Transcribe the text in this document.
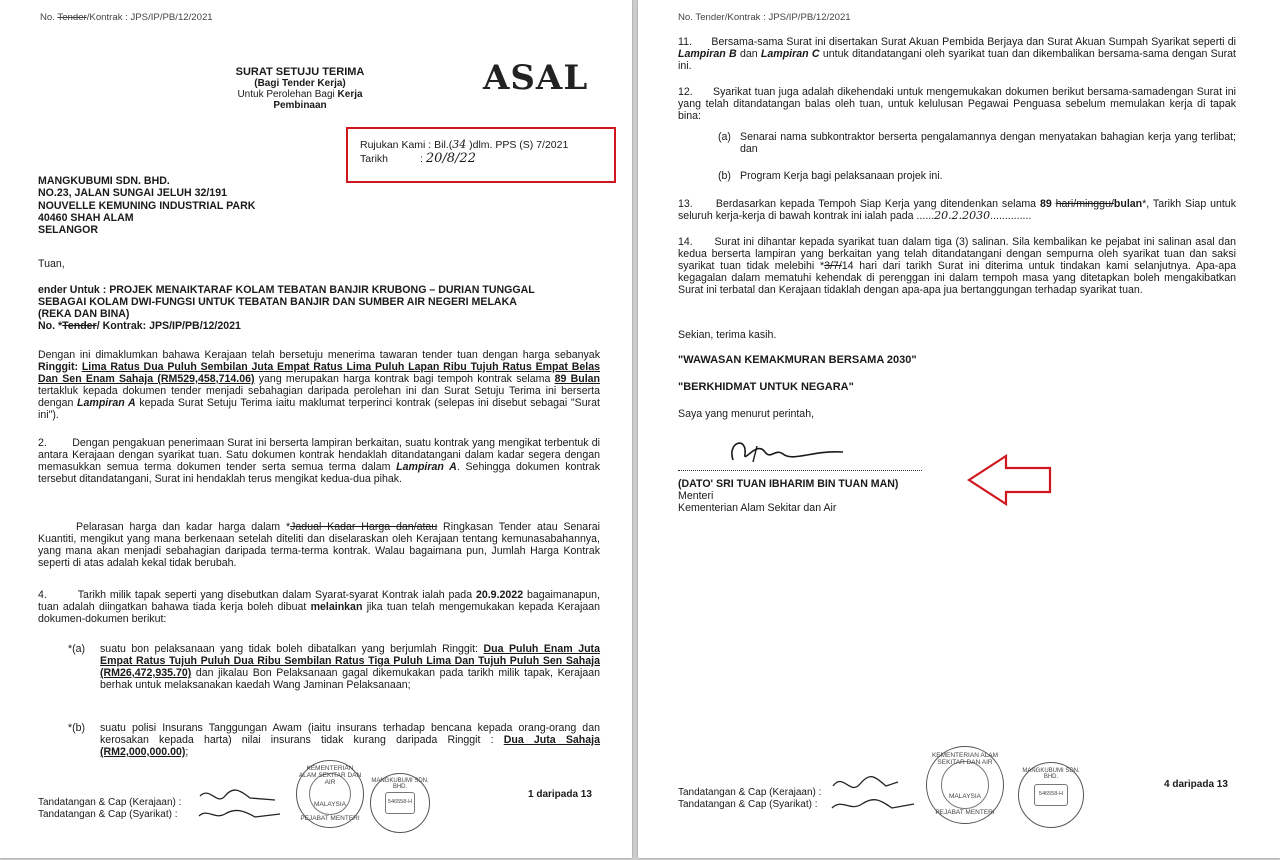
No. Tender/Kontrak : JPS/IP/PB/12/2021
SURAT SETUJU TERIMA
(Bagi Tender Kerja)
Untuk Perolehan Bagi Kerja
Pembinaan
ASAL
Rujukan Kami : Bil.(34 )dlm. PPS (S) 7/2021
Tarikh	: 20/8/22
MANGKUBUMI SDN. BHD.
NO.23, JALAN SUNGAI JELUH 32/191
NOUVELLE KEMUNING INDUSTRIAL PARK
40460 SHAH ALAM
SELANGOR
Tuan,
ender Untuk : PROJEK MENAIKTARAF KOLAM TEBATAN BANJIR KRUBONG – DURIAN TUNGGAL
SEBAGAI KOLAM DWI-FUNGSI UNTUK TEBATAN BANJIR DAN SUMBER AIR NEGERI MELAKA
(REKA DAN BINA)
No. *Tender/ Kontrak: JPS/IP/PB/12/2021

Dengan ini dimaklumkan bahawa Kerajaan telah bersetuju menerima tawaran tender tuan dengan harga sebanyak Ringgit: Lima Ratus Dua Puluh Sembilan Juta Empat Ratus Lima Puluh Lapan Ribu Tujuh Ratus Empat Belas Dan Sen Enam Sahaja (RM529,458,714.06) yang merupakan harga kontrak bagi tempoh kontrak selama 89 Bulan tertakluk kepada dokumen tender menjadi sebahagian daripada perolehan ini dan Surat Setuju Terima ini berserta dengan Lampiran A kepada Surat Setuju Terima iaitu maklumat terperinci kontrak (selepas ini disebut sebagai "Surat ini").

2. Dengan pengakuan penerimaan Surat ini berserta lampiran berkaitan, suatu kontrak yang mengikat terbentuk di antara Kerajaan dengan syarikat tuan. Satu dokumen kontrak hendaklah ditandatangani dalam kadar segera dengan memasukkan semua terma dokumen tender serta semua terma dalam Lampiran A. Sehingga dokumen kontrak tersebut ditandatangani, Surat ini hendaklah terus mengikat kedua-dua pihak.

Pelarasan harga dan kadar harga dalam *Jadual Kadar Harga dan/atau Ringkasan Tender atau Senarai Kuantiti, mengikut yang mana berkenaan setelah diteliti dan diselaraskan oleh Kerajaan tentang kemunasabahannya, yang mana akan menjadi sebahagian daripada terma-terma kontrak. Walau bagaimana pun, Jumlah Harga Kontrak seperti di atas adalah kekal tidak berubah.

4.	Tarikh milik tapak seperti yang disebutkan dalam Syarat-syarat Kontrak ialah pada 20.9.2022 bagaimanapun, tuan adalah diingatkan bahawa tiada kerja boleh dibuat melainkan jika tuan telah mengemukakan kepada Kerajaan dokumen-dokumen berikut:

*(a) suatu bon pelaksanaan yang tidak boleh dibatalkan yang berjumlah Ringgit: Dua Puluh Enam Juta Empat Ratus Tujuh Puluh Dua Ribu Sembilan Ratus Tiga Puluh Lima Dan Tujuh Puluh Sen Sahaja (RM26,472,935.70) dan jikalau Bon Pelaksanaan gagal dikemukakan pada tarikh milik tapak, Kerajaan berhak untuk melaksanakan kaedah Wang Jaminan Pelaksanaan;

*(b) suatu polisi Insurans Tanggungan Awam (iaitu insurans terhadap bencana kepada orang-orang dan kerosakan kepada harta) nilai insurans tidak kurang daripada Ringgit : Dua Juta Sahaja (RM2,000,000.00);

Tandatangan & Cap (Kerajaan) :
Tandatangan & Cap (Syarikat) :
KEMENTERIAN ALAM SEKITAR DAN AIR
MALAYSIA
PEJABAT MENTERI
MANGKUBUMI SDN. BHD.
546558-H
1 daripada 13
No. Tender/Kontrak : JPS/IP/PB/12/2021

11. Bersama-sama Surat ini disertakan Surat Akuan Pembida Berjaya dan Surat Akuan Sumpah Syarikat seperti di Lampiran B dan Lampiran C untuk ditandatangani oleh syarikat tuan dan dikembalikan bersama-sama dengan Surat ini.

12. Syarikat tuan juga adalah dikehendaki untuk mengemukakan dokumen berikut bersama-samadengan Surat ini yang telah ditandatangan balas oleh tuan, untuk kelulusan Pegawai Penguasa sebelum memulakan kerja di tapak bina:

(a) Senarai nama subkontraktor berserta pengalamannya dengan menyatakan bahagian kerja yang terlibat; dan

(b) Program Kerja bagi pelaksanaan projek ini.

13. Berdasarkan kepada Tempoh Siap Kerja yang ditendenkan selama 89 hari/minggu/bulan*, Tarikh Siap untuk seluruh kerja-kerja di bawah kontrak ini ialah pada ......20.2.2030..............

14. Surat ini dihantar kepada syarikat tuan dalam tiga (3) salinan. Sila kembalikan ke pejabat ini salinan asal dan kedua berserta lampiran yang berkaitan yang telah ditandatangani dengan sempurna oleh syarikat tuan dan saksi syarikat tuan tidak melebihi *3/7/14 hari dari tarikh Surat ini diterima untuk tindakan kami selanjutnya. Apa-apa kegagalan dalam mematuhi kehendak di perenggan ini dalam tempoh masa yang ditetapkan boleh mengakibatkan Surat ini terbatal dan Kerajaan tidaklah dengan apa-apa jua bertanggungan terhadap syarikat tuan.

Sekian, terima kasih.
"WAWASAN KEMAKMURAN BERSAMA 2030"
"BERKHIDMAT UNTUK NEGARA"
Saya yang menurut perintah,
(DATO' SRI TUAN IBHARIM BIN TUAN MAN)
Menteri
Kementerian Alam Sekitar dan Air
Tandatangan & Cap (Kerajaan) :
Tandatangan & Cap (Syarikat) :
KEMENTERIAN ALAM SEKITAR DAN AIR
MALAYSIA
PEJABAT MENTERI
MANGKUBUMI SDN. BHD.
546558-H
4 daripada 13
